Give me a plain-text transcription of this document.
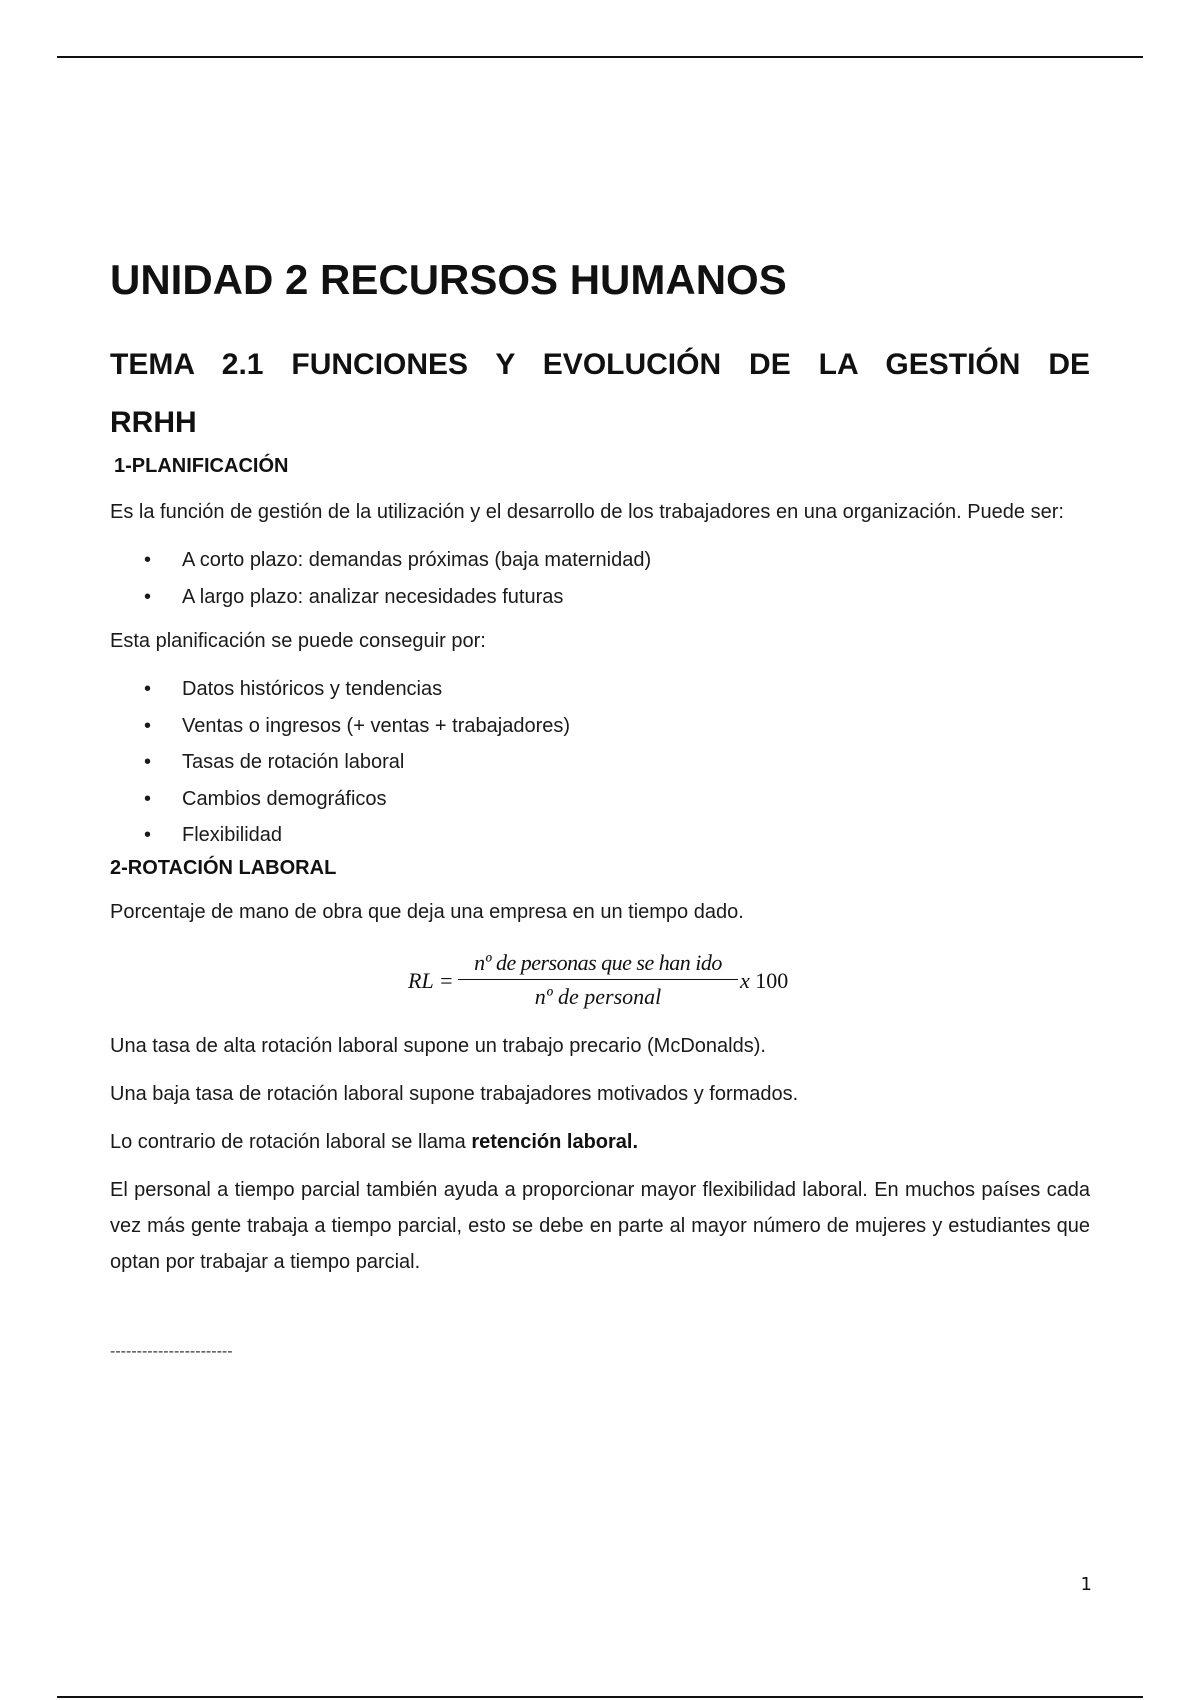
UNIDAD 2 RECURSOS HUMANOS
TEMA 2.1 FUNCIONES Y EVOLUCIÓN DE LA GESTIÓN DE RRHH
1-PLANIFICACIÓN

Es la función de gestión de la utilización y el desarrollo de los trabajadores en una organización. Puede ser:

• A corto plazo: demandas próximas (baja maternidad)
• A largo plazo: analizar necesidades futuras

Esta planificación se puede conseguir por:

• Datos históricos y tendencias
• Ventas o ingresos (+ ventas + trabajadores)
• Tasas de rotación laboral
• Cambios demográficos
• Flexibilidad
2-ROTACIÓN LABORAL

Porcentaje de mano de obra que deja una empresa en un tiempo dado.

RL =
nº de personas que se han ido
nº de personal
x 100

Una tasa de alta rotación laboral supone un trabajo precario (McDonalds).

Una baja tasa de rotación laboral supone trabajadores motivados y formados.

Lo contrario de rotación laboral se llama retención laboral.

El personal a tiempo parcial también ayuda a proporcionar mayor flexibilidad laboral. En muchos países cada vez más gente trabaja a tiempo parcial, esto se debe en parte al mayor número de mujeres y estudiantes que optan por trabajar a tiempo parcial.

-----------------------
1
